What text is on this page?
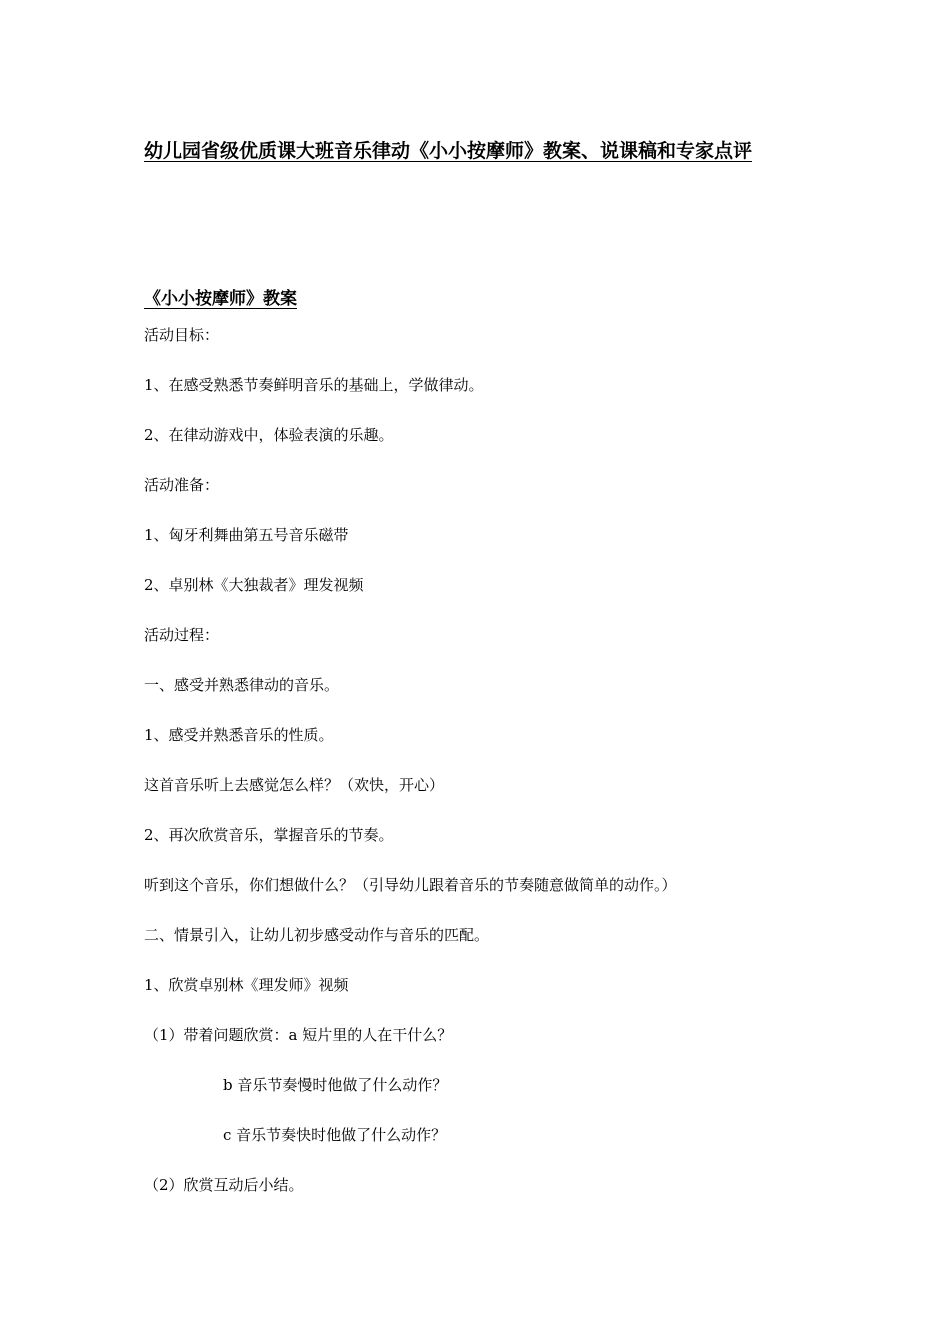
幼儿园省级优质课大班音乐律动《小小按摩师》教案、说课稿和专家点评
《小小按摩师》教案
活动目标：
1、在感受熟悉节奏鲜明音乐的基础上，学做律动。
2、在律动游戏中，体验表演的乐趣。
活动准备：
1、匈牙利舞曲第五号音乐磁带
2、卓别林《大独裁者》理发视频
活动过程：
一、感受并熟悉律动的音乐。
1、感受并熟悉音乐的性质。
这首音乐听上去感觉怎么样？（欢快，开心）
2、再次欣赏音乐，掌握音乐的节奏。
听到这个音乐，你们想做什么？（引导幼儿跟着音乐的节奏随意做简单的动作。）
二、情景引入，让幼儿初步感受动作与音乐的匹配。
1、欣赏卓别林《理发师》视频
（1）带着问题欣赏：a 短片里的人在干什么？
b 音乐节奏慢时他做了什么动作？
c 音乐节奏快时他做了什么动作？
（2）欣赏互动后小结。
